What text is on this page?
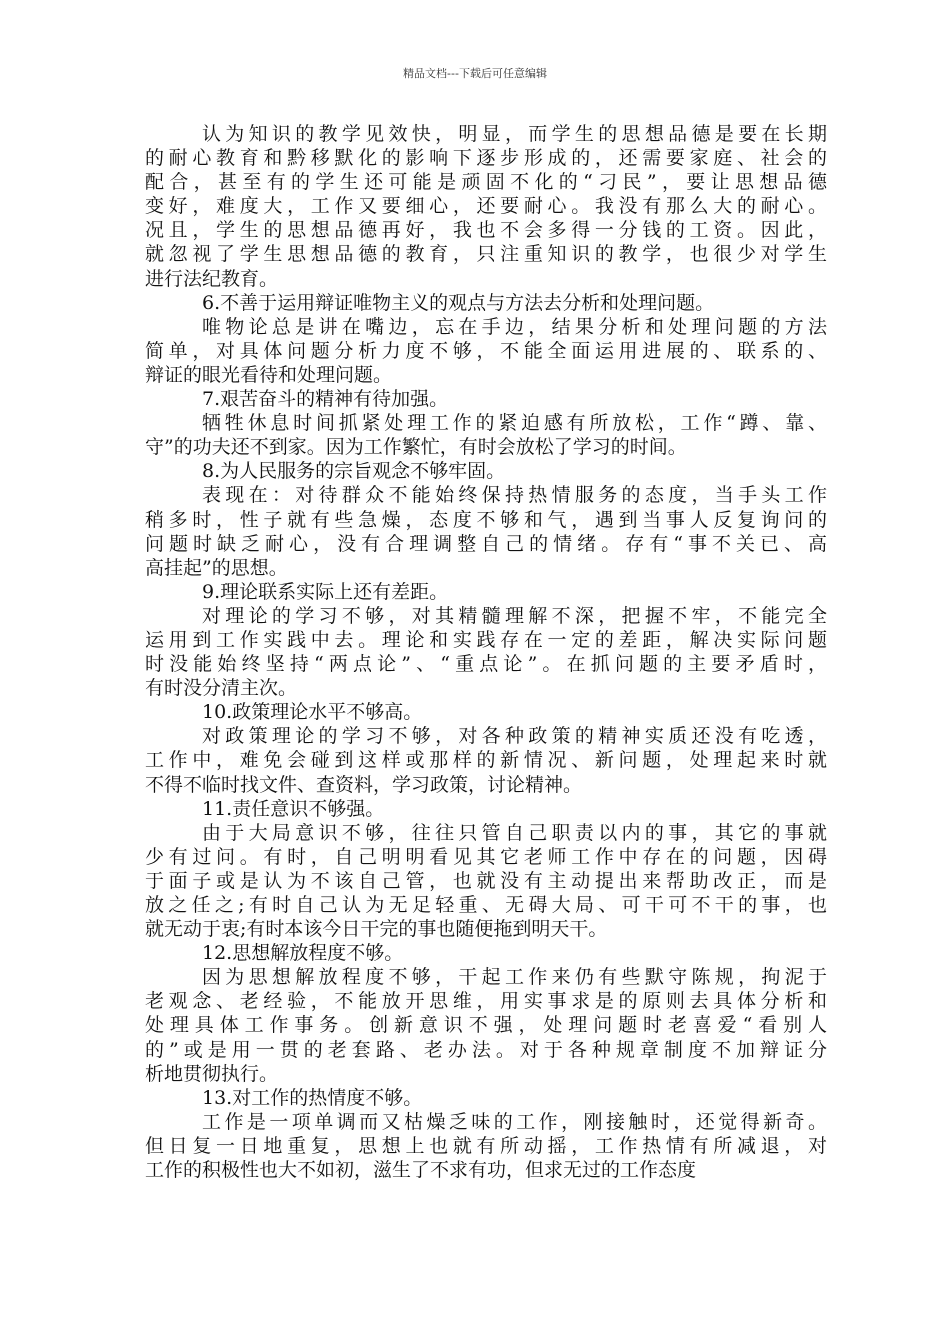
精品文档---下载后可任意编辑
认为知识的教学见效快，明显，而学生的思想品德是要在长期
的耐心教育和黔移默化的影响下逐步形成的，还需要家庭、社会的
配合，甚至有的学生还可能是顽固不化的“刁民”，要让思想品德
变好，难度大，工作又要细心，还要耐心。我没有那么大的耐心。
况且，学生的思想品德再好，我也不会多得一分钱的工资。因此，
就忽视了学生思想品德的教育，只注重知识的教学，也很少对学生
进行法纪教育。
6.不善于运用辩证唯物主义的观点与方法去分析和处理问题。
唯物论总是讲在嘴边，忘在手边，结果分析和处理问题的方法
简单，对具体问题分析力度不够，不能全面运用进展的、联系的、
辩证的眼光看待和处理问题。
7.艰苦奋斗的精神有待加强。
牺牲休息时间抓紧处理工作的紧迫感有所放松，工作“蹲、靠、
守”的功夫还不到家。因为工作繁忙，有时会放松了学习的时间。
8.为人民服务的宗旨观念不够牢固。
表现在：对待群众不能始终保持热情服务的态度，当手头工作
稍多时，性子就有些急燥，态度不够和气，遇到当事人反复询问的
问题时缺乏耐心，没有合理调整自己的情绪。存有“事不关已、高
高挂起”的思想。
9.理论联系实际上还有差距。
对理论的学习不够，对其精髓理解不深，把握不牢，不能完全
运用到工作实践中去。理论和实践存在一定的差距，解决实际问题
时没能始终坚持“两点论”、“重点论”。在抓问题的主要矛盾时，
有时没分清主次。
10.政策理论水平不够高。
对政策理论的学习不够，对各种政策的精神实质还没有吃透，
工作中，难免会碰到这样或那样的新情况、新问题，处理起来时就
不得不临时找文件、查资料，学习政策，讨论精神。
11.责任意识不够强。
由于大局意识不够，往往只管自己职责以内的事，其它的事就
少有过问。有时，自己明明看见其它老师工作中存在的问题，因碍
于面子或是认为不该自己管，也就没有主动提出来帮助改正，而是
放之任之;有时自己认为无足轻重、无碍大局、可干可不干的事，也
就无动于衷;有时本该今日干完的事也随便拖到明天干。
12.思想解放程度不够。
因为思想解放程度不够，干起工作来仍有些默守陈规，拘泥于
老观念、老经验，不能放开思维，用实事求是的原则去具体分析和
处理具体工作事务。创新意识不强，处理问题时老喜爱“看别人
的”或是用一贯的老套路、老办法。对于各种规章制度不加辩证分
析地贯彻执行。
13.对工作的热情度不够。
工作是一项单调而又枯燥乏味的工作，刚接触时，还觉得新奇。
但日复一日地重复，思想上也就有所动摇，工作热情有所减退，对
工作的积极性也大不如初，滋生了不求有功，但求无过的工作态度
